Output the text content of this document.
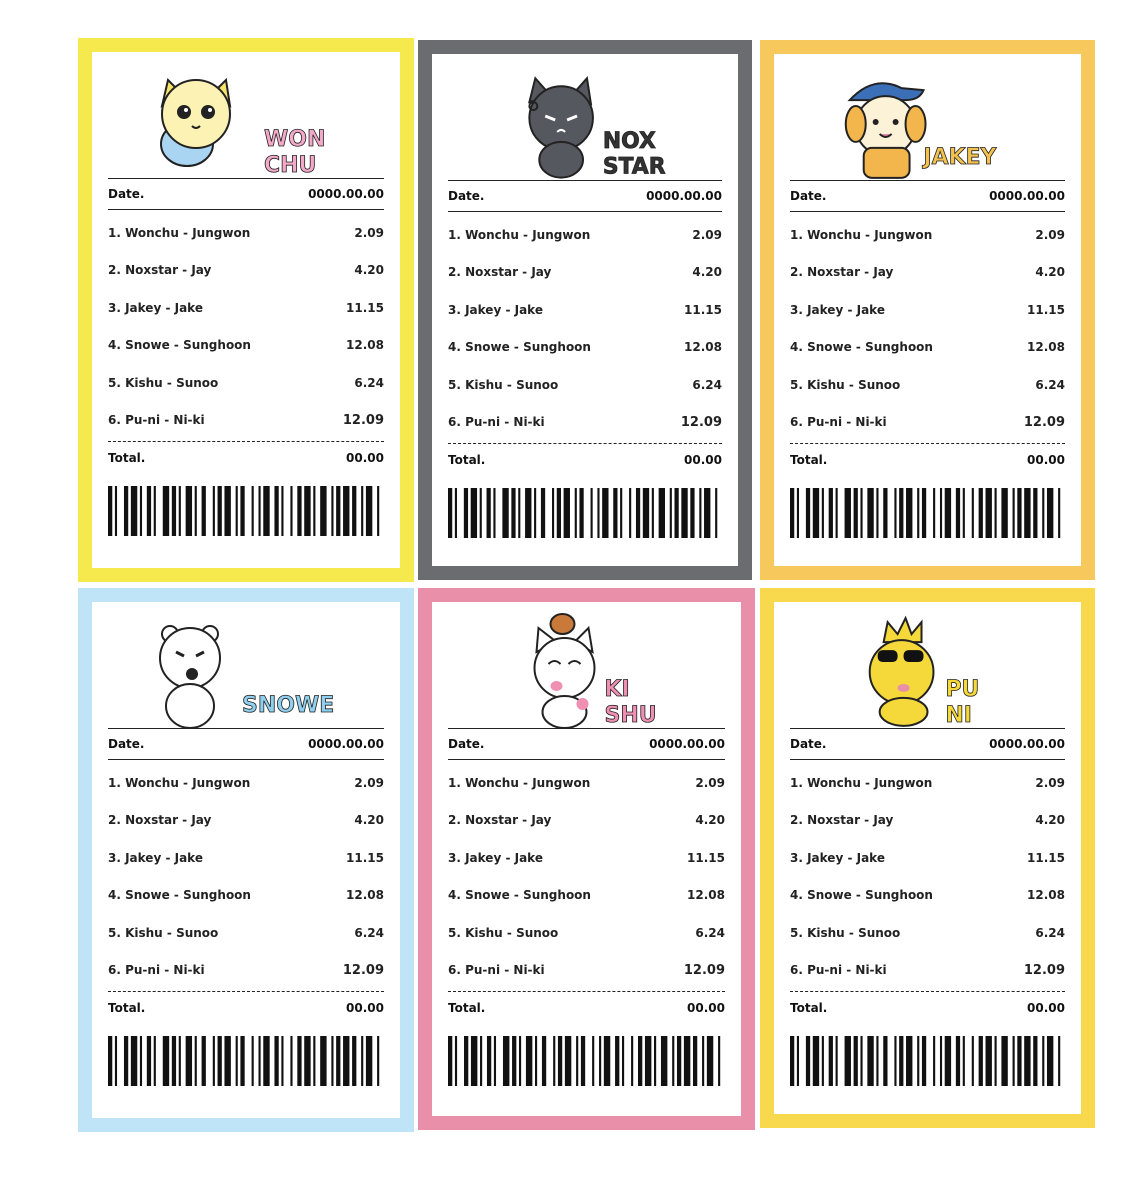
WON
CHU
Date.	0000.00.00
1. Wonchu - Jungwon	2.09
2. Noxstar - Jay	4.20
3. Jakey - Jake	11.15
4. Snowe - Sunghoon	12.08
5. Kishu - Sunoo	6.24
6. Pu-ni - Ni-ki	12.09
Total.	00.00
NOX
STAR
Date.	0000.00.00
1. Wonchu - Jungwon	2.09
2. Noxstar - Jay	4.20
3. Jakey - Jake	11.15
4. Snowe - Sunghoon	12.08
5. Kishu - Sunoo	6.24
6. Pu-ni - Ni-ki	12.09
Total.	00.00
JAKEY
Date.	0000.00.00
1. Wonchu - Jungwon	2.09
2. Noxstar - Jay	4.20
3. Jakey - Jake	11.15
4. Snowe - Sunghoon	12.08
5. Kishu - Sunoo	6.24
6. Pu-ni - Ni-ki	12.09
Total.	00.00
SNOWE
Date.	0000.00.00
1. Wonchu - Jungwon	2.09
2. Noxstar - Jay	4.20
3. Jakey - Jake	11.15
4. Snowe - Sunghoon	12.08
5. Kishu - Sunoo	6.24
6. Pu-ni - Ni-ki	12.09
Total.	00.00
KI
SHU
Date.	0000.00.00
1. Wonchu - Jungwon	2.09
2. Noxstar - Jay	4.20
3. Jakey - Jake	11.15
4. Snowe - Sunghoon	12.08
5. Kishu - Sunoo	6.24
6. Pu-ni - Ni-ki	12.09
Total.	00.00
PU
NI
Date.	0000.00.00
1. Wonchu - Jungwon	2.09
2. Noxstar - Jay	4.20
3. Jakey - Jake	11.15
4. Snowe - Sunghoon	12.08
5. Kishu - Sunoo	6.24
6. Pu-ni - Ni-ki	12.09
Total.	00.00
